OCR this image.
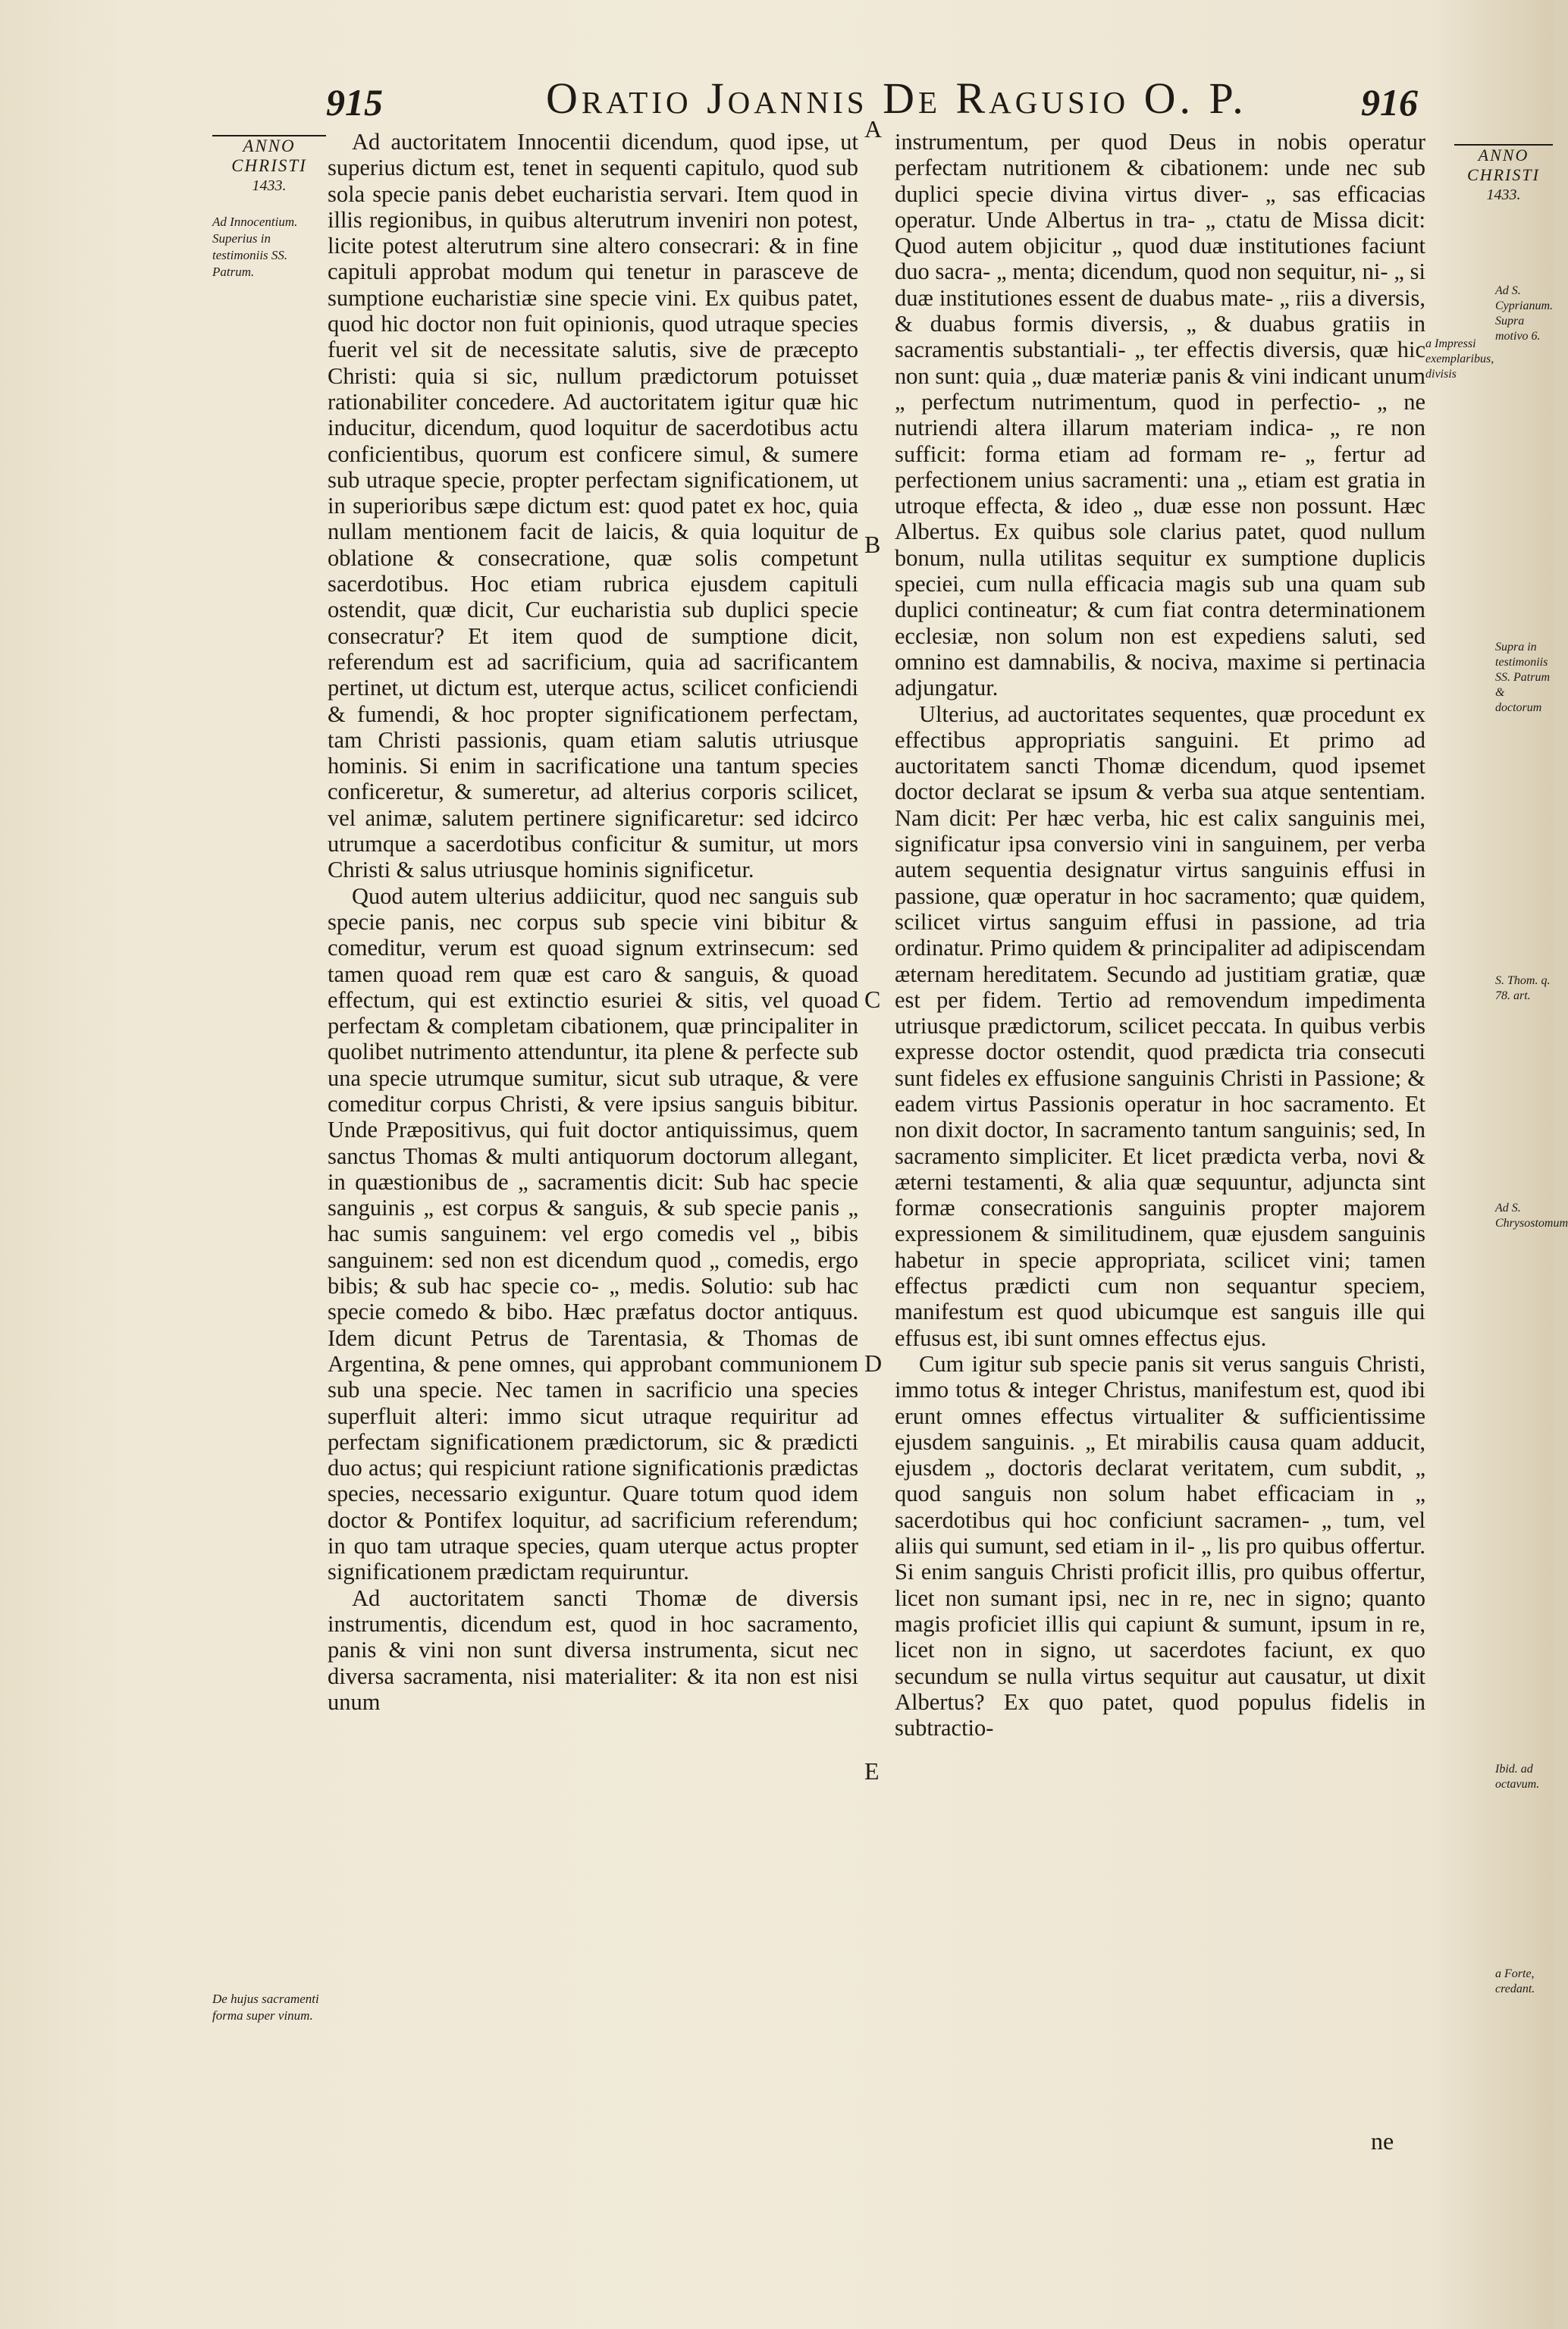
915	Oratio Joannis De Ragusio O. P.	916
ANNO
CHRISTI
1433.
Ad Innocentium. Superius in testimoniis SS. Patrum.
De hujus sacramenti forma super vinum.

Ad auctoritatem Innocentii dicendum, quod ipse, ut superius dictum est, tenet in sequenti capitulo, quod sub sola specie panis debet eucharistia servari. Item quod in illis regionibus, in quibus alterutrum inveniri non potest, licite potest alterutrum sine altero consecrari: & in fine capituli approbat modum qui tenetur in parasceve de sumptione eucharistiæ sine specie vini. Ex quibus patet, quod hic doctor non fuit opinionis, quod utraque species fuerit vel sit de necessitate salutis, sive de præcepto Christi: quia si sic, nullum prædictorum potuisset rationabiliter concedere. Ad auctoritatem igitur quæ hic inducitur, dicendum, quod loquitur de sacerdotibus actu conficientibus, quorum est conficere simul, & sumere sub utraque specie, propter perfectam significationem, ut in superioribus sæpe dictum est: quod patet ex hoc, quia nullam mentionem facit de laicis, & quia loquitur de oblatione & consecratione, quæ solis competunt sacerdotibus. Hoc etiam rubrica ejusdem capituli ostendit, quæ dicit, Cur eucharistia sub duplici specie consecratur? Et item quod de sumptione dicit, referendum est ad sacrificium, quia ad sacrificantem pertinet, ut dictum est, uterque actus, scilicet conficiendi & fumendi, & hoc propter significationem perfectam, tam Christi passionis, quam etiam salutis utriusque hominis. Si enim in sacrificatione una tantum species conficeretur, & sumeretur, ad alterius corporis scilicet, vel animæ, salutem pertinere significaretur: sed idcirco utrumque a sacerdotibus conficitur & sumitur, ut mors Christi & salus utriusque hominis significetur.

Quod autem ulterius addiicitur, quod nec sanguis sub specie panis, nec corpus sub specie vini bibitur & comeditur, verum est quoad signum extrinsecum: sed tamen quoad rem quæ est caro & sanguis, & quoad effectum, qui est extinctio esuriei & sitis, vel quoad perfectam & completam cibationem, quæ principaliter in quolibet nutrimento attenduntur, ita plene & perfecte sub una specie utrumque sumitur, sicut sub utraque, & vere comeditur corpus Christi, & vere ipsius sanguis bibitur. Unde Præpositivus, qui fuit doctor antiquissimus, quem sanctus Thomas & multi antiquorum doctorum allegant, in quæstionibus de „ sacramentis dicit: Sub hac specie sanguinis „ est corpus & sanguis, & sub specie panis „ hac sumis sanguinem: vel ergo comedis vel „ bibis sanguinem: sed non est dicendum quod „ comedis, ergo bibis; & sub hac specie co- „ medis. Solutio: sub hac specie comedo & bibo. Hæc præfatus doctor antiquus. Idem dicunt Petrus de Tarentasia, & Thomas de Argentina, & pene omnes, qui approbant communionem sub una specie. Nec tamen in sacrificio una species superfluit alteri: immo sicut utraque requiritur ad perfectam significationem prædictorum, sic & prædicti duo actus; qui respiciunt ratione significationis prædictas species, necessario exiguntur. Quare totum quod idem doctor & Pontifex loquitur, ad sacrificium referendum; in quo tam utraque species, quam uterque actus propter significationem prædictam requiruntur.

Ad auctoritatem sancti Thomæ de diversis instrumentis, dicendum est, quod in hoc sacramento, panis & vini non sunt diversa instrumenta, sicut nec diversa sacramenta, nisi materialiter: & ita non est nisi unum

A
B
C
D
E

instrumentum, per quod Deus in nobis operatur perfectam nutritionem & cibationem: unde nec sub duplici specie divina virtus diver- „ sas efficacias operatur. Unde Albertus in tra- „ ctatu de Missa dicit: Quod autem objicitur „ quod duæ institutiones faciunt duo sacra- „ menta; dicendum, quod non sequitur, ni- „ si duæ institutiones essent de duabus mate- „ riis a diversis, & duabus formis diversis, „ & duabus gratiis in sacramentis substantiali- „ ter effectis diversis, quæ hic non sunt: quia „ duæ materiæ panis & vini indicant unum „ perfectum nutrimentum, quod in perfectio- „ ne nutriendi altera illarum materiam indica- „ re non sufficit: forma etiam ad formam re- „ fertur ad perfectionem unius sacramenti: una „ etiam est gratia in utroque effecta, & ideo „ duæ esse non possunt. Hæc Albertus. Ex quibus sole clarius patet, quod nullum bonum, nulla utilitas sequitur ex sumptione duplicis speciei, cum nulla efficacia magis sub una quam sub duplici contineatur; & cum fiat contra determinationem ecclesiæ, non solum non est expediens saluti, sed omnino est damnabilis, & nociva, maxime si pertinacia adjungatur.

Ulterius, ad auctoritates sequentes, quæ procedunt ex effectibus appropriatis sanguini. Et primo ad auctoritatem sancti Thomæ dicendum, quod ipsemet doctor declarat se ipsum & verba sua atque sententiam. Nam dicit: Per hæc verba, hic est calix sanguinis mei, significatur ipsa conversio vini in sanguinem, per verba autem sequentia designatur virtus sanguinis effusi in passione, quæ operatur in hoc sacramento; quæ quidem, scilicet virtus sanguim effusi in passione, ad tria ordinatur. Primo quidem & principaliter ad adipiscendam æternam hereditatem. Secundo ad justitiam gratiæ, quæ est per fidem. Tertio ad removendum impedimenta utriusque prædictorum, scilicet peccata. In quibus verbis expresse doctor ostendit, quod prædicta tria consecuti sunt fideles ex effusione sanguinis Christi in Passione; & eadem virtus Passionis operatur in hoc sacramento. Et non dixit doctor, In sacramento tantum sanguinis; sed, In sacramento simpliciter. Et licet prædicta verba, novi & æterni testamenti, & alia quæ sequuntur, adjuncta sint formæ consecrationis sanguinis propter majorem expressionem & similitudinem, quæ ejusdem sanguinis habetur in specie appropriata, scilicet vini; tamen effectus prædicti cum non sequantur speciem, manifestum est quod ubicumque est sanguis ille qui effusus est, ibi sunt omnes effectus ejus.

Cum igitur sub specie panis sit verus sanguis Christi, immo totus & integer Christus, manifestum est, quod ibi erunt omnes effectus virtualiter & sufficientissime ejusdem sanguinis. „ Et mirabilis causa quam adducit, ejusdem „ doctoris declarat veritatem, cum subdit, „ quod sanguis non solum habet efficaciam in „ sacerdotibus qui hoc conficiunt sacramen- „ tum, vel aliis qui sumunt, sed etiam in il- „ lis pro quibus offertur. Si enim sanguis Christi proficit illis, pro quibus offertur, licet non sumant ipsi, nec in re, nec in signo; quanto magis proficiet illis qui capiunt & sumunt, ipsum in re, licet non in signo, ut sacerdotes faciunt, ex quo secundum se nulla virtus sequitur aut causatur, ut dixit Albertus? Ex quo patet, quod populus fidelis in subtractio-

a Impressi exemplaribus, divisis
ANNO
CHRISTI
1433.
Ad S. Cyprianum. Supra motivo 6.
Supra in testimoniis SS. Patrum & doctorum
S. Thom. q. 78. art.
Ad S. Chrysostomum
Ibid. ad octavum.
a Forte, credant.
ne
